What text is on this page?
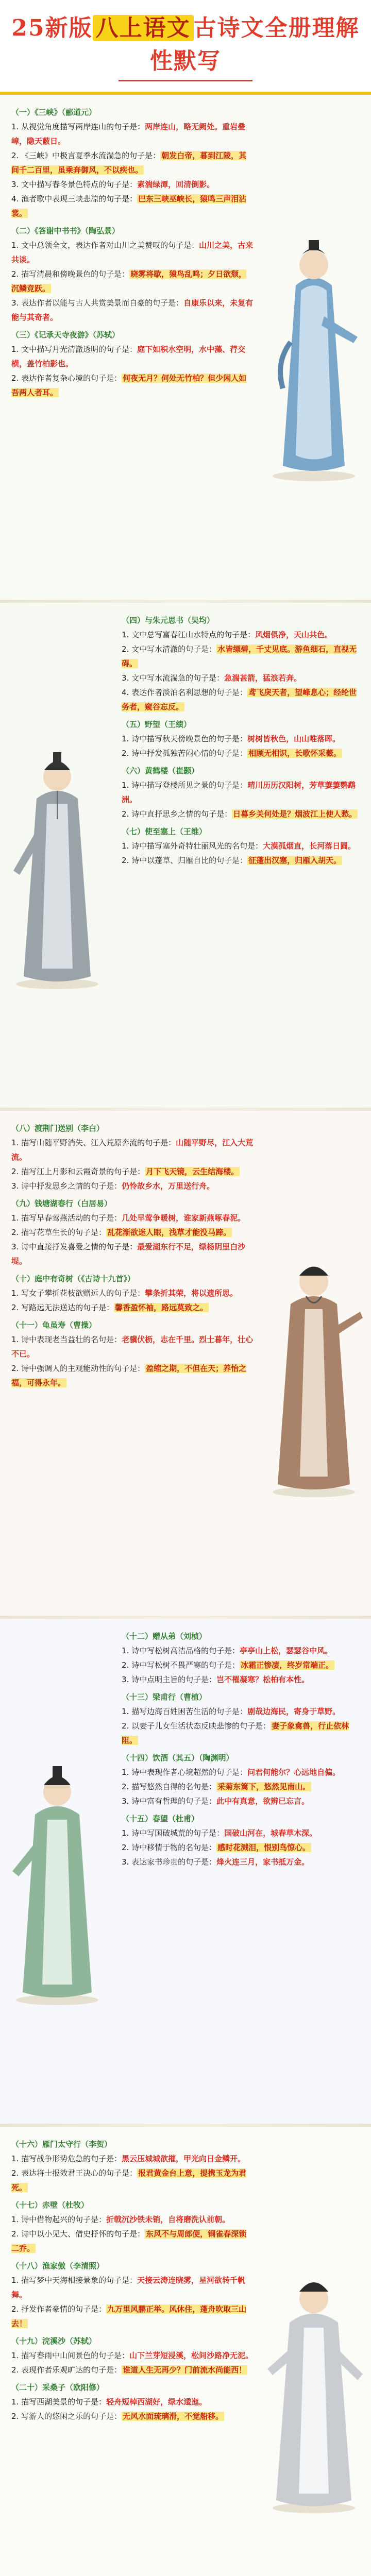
25新版 八上语文 古诗文全册理解性默写
（一）《三峡》（郦道元）

1. 从视觉角度描写两岸连山的句子是：两岸连山，略无阙处。重岩叠嶂，隐天蔽日。

2. 《三峡》中极言夏季水流湍急的句子是： 朝发白帝，暮到江陵，其间千二百里，虽乘奔御风，不以疾也。

3. 文中描写春冬景色特点的句子是：素湍绿潭，回清倒影。

4. 渔者歌中表现三峡悲凉的句子是： 巴东三峡巫峡长，猿鸣三声泪沾裳。

（二）《答谢中书书》（陶弘景）

1. 文中总领全文，表达作者对山川之美赞叹的句子是：山川之美，古来共谈。

2. 描写清晨和傍晚景色的句子是： 晓雾将歇，猿鸟乱鸣；夕日欲颓，沉鳞竞跃。

3. 表达作者以能与古人共赏美景而自豪的句子是：自康乐以来，未复有能与其奇者。

（三）《记承天寺夜游》（苏轼）

1. 文中描写月光清澈透明的句子是：庭下如积水空明，水中藻、荇交横，盖竹柏影也。

2. 表达作者复杂心境的句子是： 何夜无月？何处无竹柏？但少闲人如吾两人者耳。

（四）与朱元思书（吴均）

1. 文中总写富春江山水特点的句子是：风烟俱净，天山共色。

2. 文中写水清澈的句子是： 水皆缥碧，千丈见底。游鱼细石，直视无碍。

3. 文中写水流湍急的句子是：急湍甚箭，猛浪若奔。

4. 表达作者淡泊名利思想的句子是： 鸢飞戾天者，望峰息心；经纶世务者，窥谷忘反。

（五）野望（王绩）

1. 诗中描写秋天傍晚景色的句子是：树树皆秋色，山山唯落晖。

2. 诗中抒发孤独苦闷心情的句子是： 相顾无相识，长歌怀采薇。

（六）黄鹤楼（崔颢）

1. 诗中描写登楼所见之景的句子是：晴川历历汉阳树，芳草萋萋鹦鹉洲。

2. 诗中直抒思乡之情的句子是： 日暮乡关何处是？烟波江上使人愁。

（七）使至塞上（王维）

1. 诗中描写塞外奇特壮丽风光的名句是：大漠孤烟直，长河落日圆。

2. 诗中以蓬草、归雁自比的句子是： 征蓬出汉塞，归雁入胡天。

（八）渡荆门送别（李白）

1. 描写山随平野消失、江入荒原奔流的句子是：山随平野尽，江入大荒流。

2. 描写江上月影和云霞奇景的句子是： 月下飞天镜，云生结海楼。

3. 诗中抒发思乡之情的句子是：仍怜故乡水，万里送行舟。

（九）钱塘湖春行（白居易）

1. 描写早春莺燕活动的句子是：几处早莺争暖树，谁家新燕啄春泥。

2. 描写花草生长的句子是： 乱花渐欲迷人眼，浅草才能没马蹄。

3. 诗中直接抒发喜爱之情的句子是：最爱湖东行不足，绿杨阴里白沙堤。

（十）庭中有奇树（《古诗十九首》）

1. 写女子攀折花枝欲赠远人的句子是：攀条折其荣，将以遗所思。

2. 写路远无法送达的句子是： 馨香盈怀袖，路远莫致之。

（十一）龟虽寿（曹操）

1. 诗中表现老当益壮的名句是：老骥伏枥，志在千里。烈士暮年，壮心不已。

2. 诗中强调人的主观能动性的句子是： 盈缩之期，不但在天；养怡之福，可得永年。

（十二）赠从弟（刘桢）

1. 诗中写松树高洁品格的句子是：亭亭山上松，瑟瑟谷中风。

2. 诗中写松树不畏严寒的句子是： 冰霜正惨凄，终岁常端正。

3. 诗中点明主旨的句子是：岂不罹凝寒？松柏有本性。

（十三）梁甫行（曹植）

1. 描写边海百姓困苦生活的句子是：剧哉边海民，寄身于草野。

2. 以妻子儿女生活状态反映悲惨的句子是： 妻子象禽兽，行止依林阻。

（十四）饮酒（其五）（陶渊明）

1. 诗中表现作者心境超然的句子是：问君何能尔？心远地自偏。

2. 描写悠然自得的名句是： 采菊东篱下，悠然见南山。

3. 诗中富有哲理的句子是：此中有真意，欲辨已忘言。

（十五）春望（杜甫）

1. 诗中写国破城荒的句子是：国破山河在，城春草木深。

2. 诗中移情于物的名句是： 感时花溅泪，恨别鸟惊心。

3. 表达家书珍贵的句子是：烽火连三月，家书抵万金。

（十六）雁门太守行（李贺）

1. 描写战争形势危急的句子是：黑云压城城欲摧，甲光向日金鳞开。

2. 表达将士报效君王决心的句子是： 报君黄金台上意，提携玉龙为君死。

（十七）赤壁（杜牧）

1. 诗中借物起兴的句子是：折戟沉沙铁未销，自将磨洗认前朝。

2. 诗中以小见大、借史抒怀的句子是： 东风不与周郎便，铜雀春深锁二乔。

（十八）渔家傲（李清照）

1. 描写梦中天海相接景象的句子是：天接云涛连晓雾，星河欲转千帆舞。

2. 抒发作者豪情的句子是： 九万里风鹏正举。风休住，蓬舟吹取三山去！

（十九）浣溪沙（苏轼）

1. 描写春雨中山间景色的句子是：山下兰芽短浸溪，松间沙路净无泥。

2. 表现作者乐观旷达的句子是： 谁道人生无再少？门前流水尚能西！

（二十）采桑子（欧阳修）

1. 描写西湖美景的句子是：轻舟短棹西湖好，绿水逶迤。

2. 写游人的悠闲之乐的句子是： 无风水面琉璃滑，不觉船移。
